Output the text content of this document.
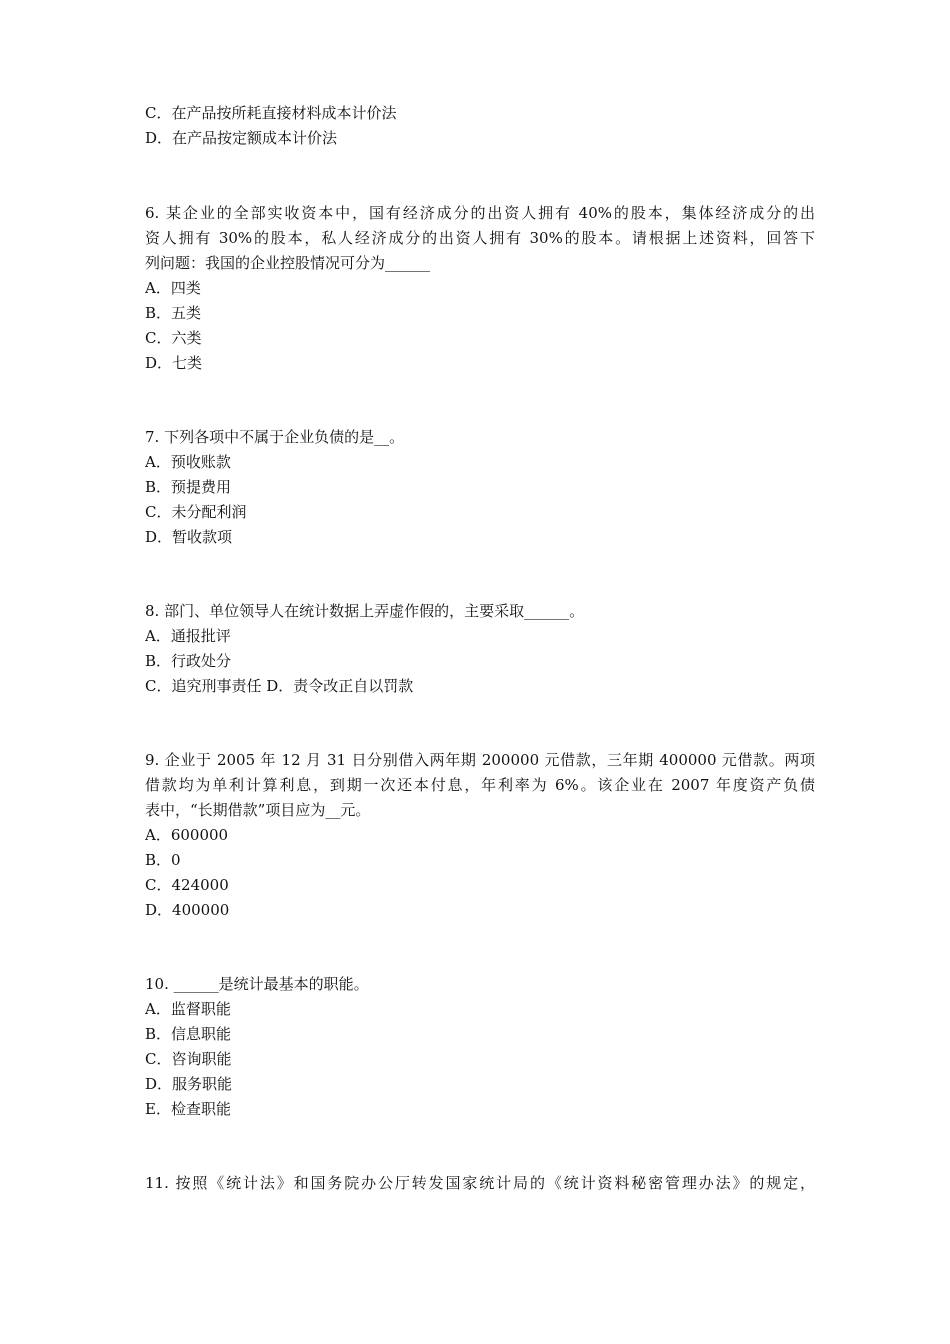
C．在产品按所耗直接材料成本计价法
D．在产品按定额成本计价法
6. 某企业的全部实收资本中，国有经济成分的出资人拥有 40%的股本，集体经济成分的出
资人拥有 30%的股本，私人经济成分的出资人拥有 30%的股本。请根据上述资料，回答下
列问题：我国的企业控股情况可分为______
A．四类
B．五类
C．六类
D．七类
7. 下列各项中不属于企业负债的是__。
A．预收账款
B．预提费用
C．未分配利润
D．暂收款项
8. 部门、单位领导人在统计数据上弄虚作假的，主要采取______。
A．通报批评
B．行政处分
C．追究刑事责任 D．责令改正自以罚款
9. 企业于 2005 年 12 月 31 日分别借入两年期 200000 元借款，三年期 400000 元借款。两项
借款均为单利计算利息，到期一次还本付息，年利率为 6%。该企业在 2007 年度资产负债
表中，“长期借款”项目应为__元。
A．600000
B．0
C．424000
D．400000
10. ______是统计最基本的职能。
A．监督职能
B．信息职能
C．咨询职能
D．服务职能
E．检查职能
11. 按照《统计法》和国务院办公厅转发国家统计局的《统计资料秘密管理办法》的规定，
